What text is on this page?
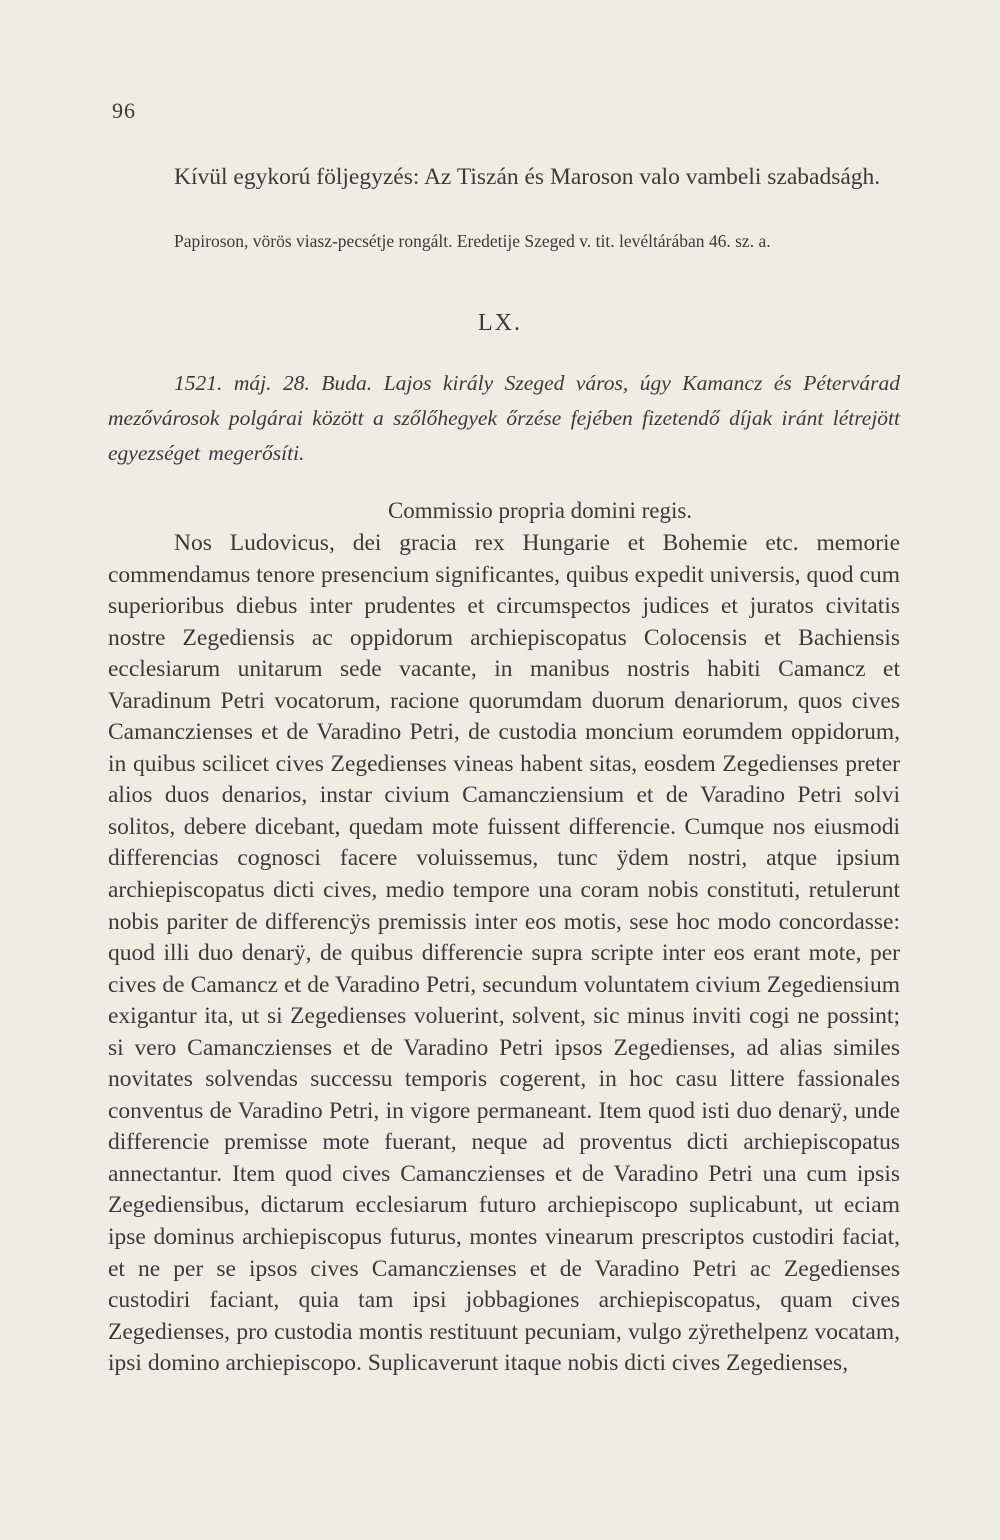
96
Kívül egykorú följegyzés: Az Tiszán és Maroson valo vambeli szabadságh.
Papiroson, vörös viasz-pecsétje rongált. Eredetije Szeged v. tit. levéltárában 46. sz. a.
LX.
1521. máj. 28. Buda. Lajos király Szeged város, úgy Kamancz és Pétervárad mezővárosok polgárai között a szőlőhegyek őrzése fejében fizetendő díjak iránt létrejött egyezséget megerősíti.
Commissio propria domini regis.
Nos Ludovicus, dei gracia rex Hungarie et Bohemie etc. memorie commendamus tenore presencium significantes, quibus expedit universis, quod cum superioribus diebus inter prudentes et circumspectos judices et juratos civitatis nostre Zegediensis ac oppidorum archiepiscopatus Colocensis et Bachiensis ecclesiarum unitarum sede vacante, in manibus nostris habiti Camancz et Varadinum Petri vocatorum, racione quorumdam duorum denariorum, quos cives Camanczienses et de Varadino Petri, de custodia moncium eorumdem oppidorum, in quibus scilicet cives Zegedienses vineas habent sitas, eosdem Zegedienses preter alios duos denarios, instar civium Camancziensium et de Varadino Petri solvi solitos, debere dicebant, quedam mote fuissent differencie. Cumque nos eiusmodi differencias cognosci facere voluissemus, tunc ÿdem nostri, atque ipsium archiepiscopatus dicti cives, medio tempore una coram nobis constituti, retulerunt nobis pariter de differencÿs premissis inter eos motis, sese hoc modo concordasse: quod illi duo denarÿ, de quibus differencie supra scripte inter eos erant mote, per cives de Camancz et de Varadino Petri, secundum voluntatem civium Zegediensium exigantur ita, ut si Zegedienses voluerint, solvent, sic minus inviti cogi ne possint; si vero Camanczienses et de Varadino Petri ipsos Zegedienses, ad alias similes novitates solvendas successu temporis cogerent, in hoc casu littere fassionales conventus de Varadino Petri, in vigore permaneant. Item quod isti duo denarÿ, unde differencie premisse mote fuerant, neque ad proventus dicti archiepiscopatus annectantur. Item quod cives Camanczienses et de Varadino Petri una cum ipsis Zegediensibus, dictarum ecclesiarum futuro archiepiscopo suplicabunt, ut eciam ipse dominus archiepiscopus futurus, montes vinearum prescriptos custodiri faciat, et ne per se ipsos cives Camanczienses et de Varadino Petri ac Zegedienses custodiri faciant, quia tam ipsi jobbagiones archiepiscopatus, quam cives Zegedienses, pro custodia montis restituunt pecuniam, vulgo zÿrethelpenz vocatam, ipsi domino archiepiscopo. Suplicaverunt itaque nobis dicti cives Zegedienses,
